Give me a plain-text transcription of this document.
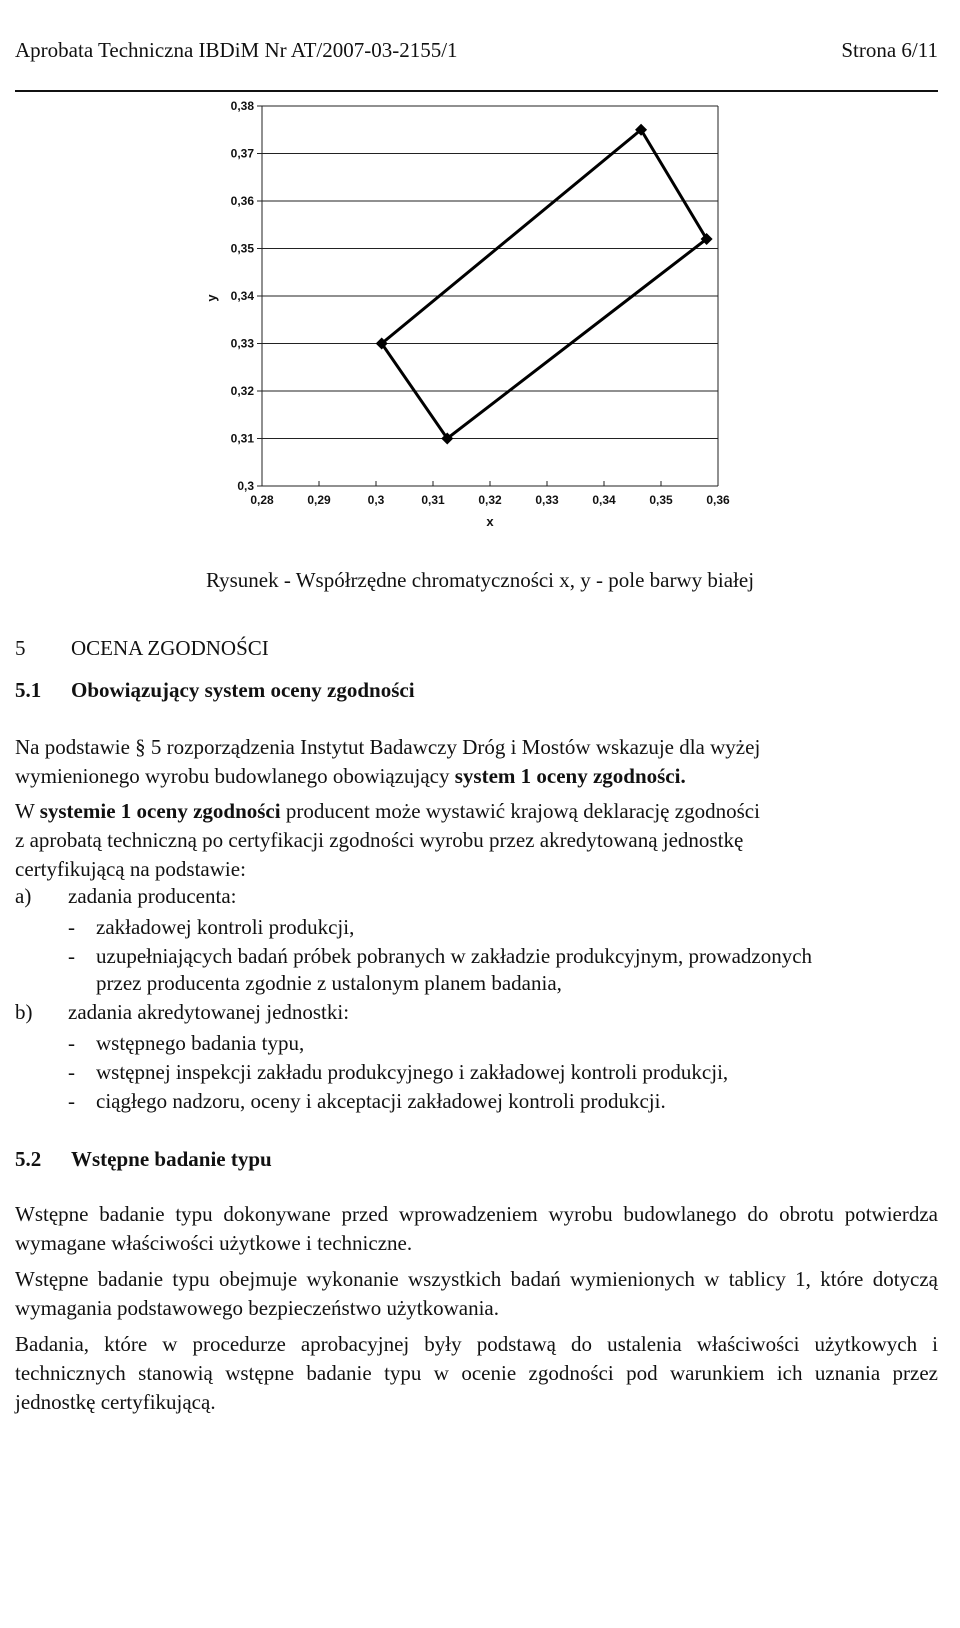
Aprobata Techniczna IBDiM Nr AT/2007-03-2155/1	Strona 6/11
0,38
0,37
0,36
0,35
0,34
0,33
0,32
0,31
0,3
0,28	0,29	0,3	0,31	0,32	0,33	0,34	0,35	0,36
x
y
Rysunek - Współrzędne chromatyczności x, y - pole barwy białej
5 OCENA ZGODNOŚCI
5.1 Obowiązujący system oceny zgodności
Na podstawie § 5 rozporządzenia Instytut Badawczy Dróg i Mostów wskazuje dla wyżej
wymienionego wyrobu budowlanego obowiązujący system 1 oceny zgodności.
W systemie 1 oceny zgodności producent może wystawić krajową deklarację zgodności
z aprobatą techniczną po certyfikacji zgodności wyrobu przez akredytowaną jednostkę
certyfikującą na podstawie:
a) zadania producenta:
- zakładowej kontroli produkcji,
- uzupełniających badań próbek pobranych w zakładzie produkcyjnym, prowadzonych
przez producenta zgodnie z ustalonym planem badania,
b) zadania akredytowanej jednostki:
- wstępnego badania typu,
- wstępnej inspekcji zakładu produkcyjnego i zakładowej kontroli produkcji,
- ciągłego nadzoru, oceny i akceptacji zakładowej kontroli produkcji.
5.2 Wstępne badanie typu
Wstępne badanie typu dokonywane przed wprowadzeniem wyrobu budowlanego do obrotu potwierdza wymagane właściwości użytkowe i techniczne.
Wstępne badanie typu obejmuje wykonanie wszystkich badań wymienionych w tablicy 1, które dotyczą wymagania podstawowego bezpieczeństwo użytkowania.
Badania, które w procedurze aprobacyjnej były podstawą do ustalenia właściwości użytkowych i technicznych stanowią wstępne badanie typu w ocenie zgodności pod warunkiem ich uznania przez jednostkę certyfikującą.
